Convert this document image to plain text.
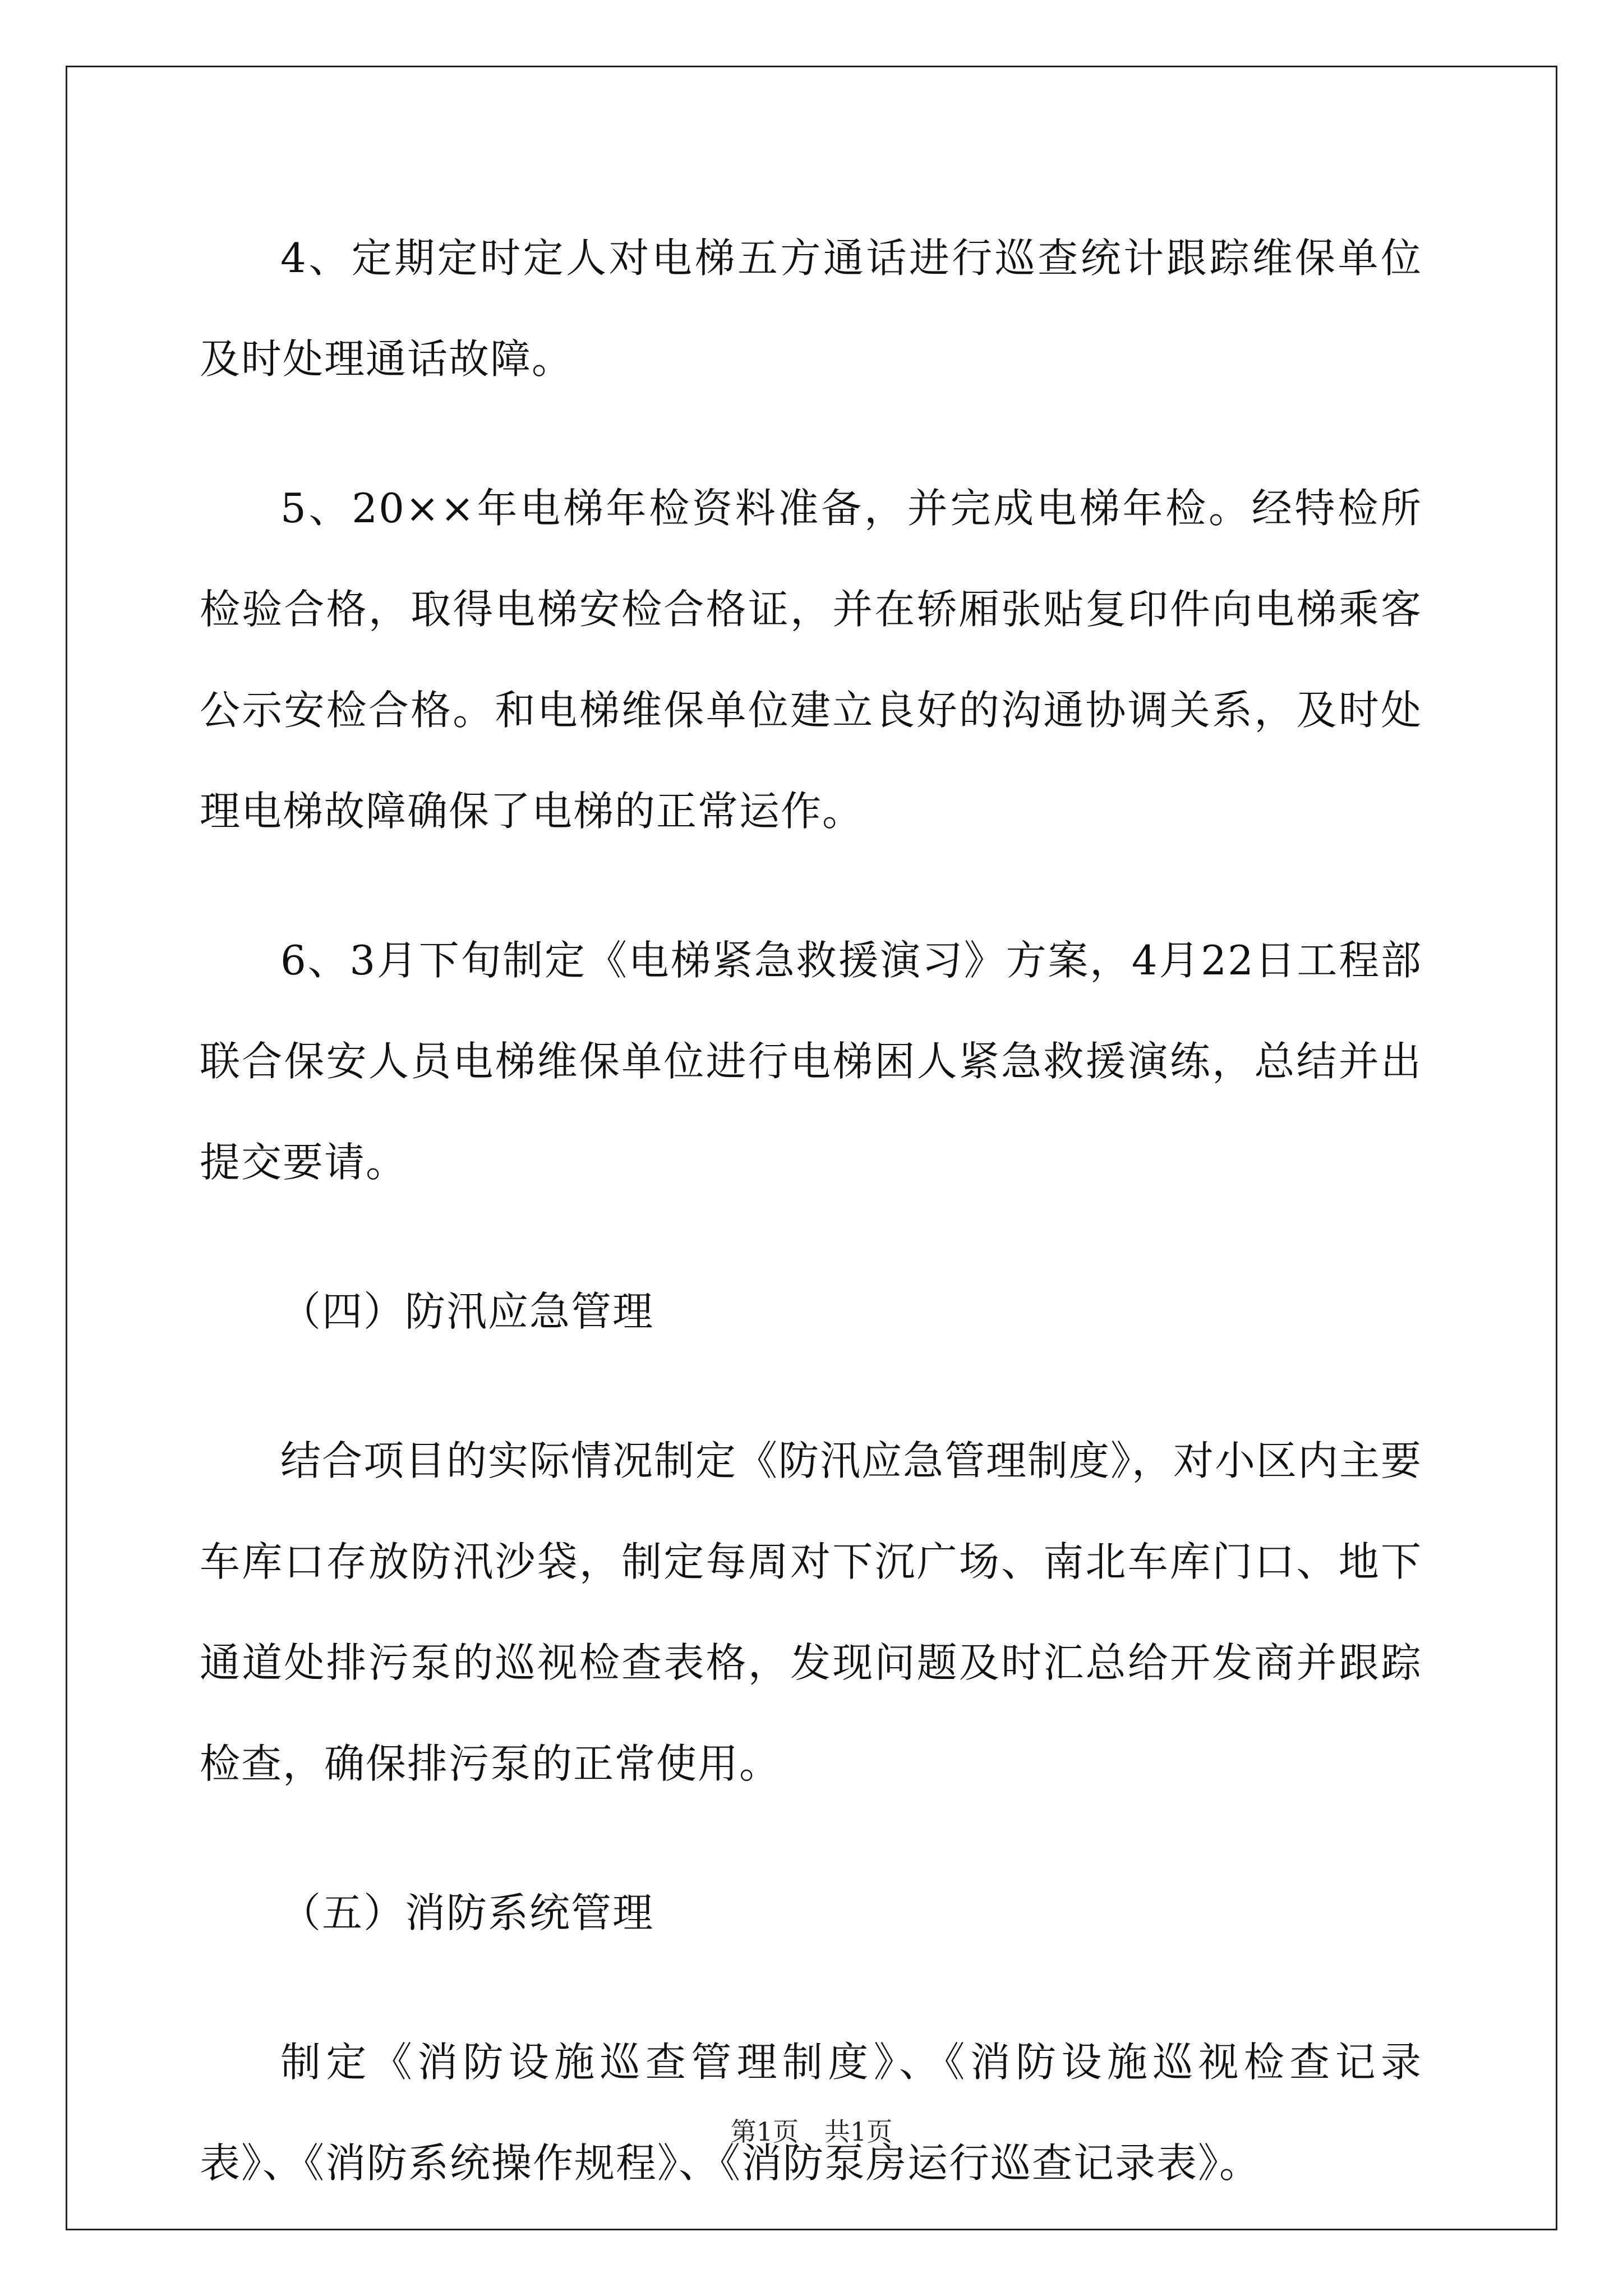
4、定期定时定人对电梯五方通话进行巡查统计跟踪维保单位及时处理通话故障。

5、20××年电梯年检资料准备，并完成电梯年检。经特检所检验合格，取得电梯安检合格证，并在轿厢张贴复印件向电梯乘客公示安检合格。和电梯维保单位建立良好的沟通协调关系，及时处理电梯故障确保了电梯的正常运作。

6、3月下旬制定《电梯紧急救援演习》方案，4月22日工程部联合保安人员电梯维保单位进行电梯困人紧急救援演练，总结并出提交要请。

（四）防汛应急管理

结合项目的实际情况制定《防汛应急管理制度》，对小区内主要车库口存放防汛沙袋，制定每周对下沉广场、南北车库门口、地下通道处排污泵的巡视检查表格，发现问题及时汇总给开发商并跟踪检查，确保排污泵的正常使用。

（五）消防系统管理

制定《消防设施巡查管理制度》、《消防设施巡视检查记录表》、《消防系统操作规程》、《消防泵房运行巡查记录表》。

第1页　共1页
